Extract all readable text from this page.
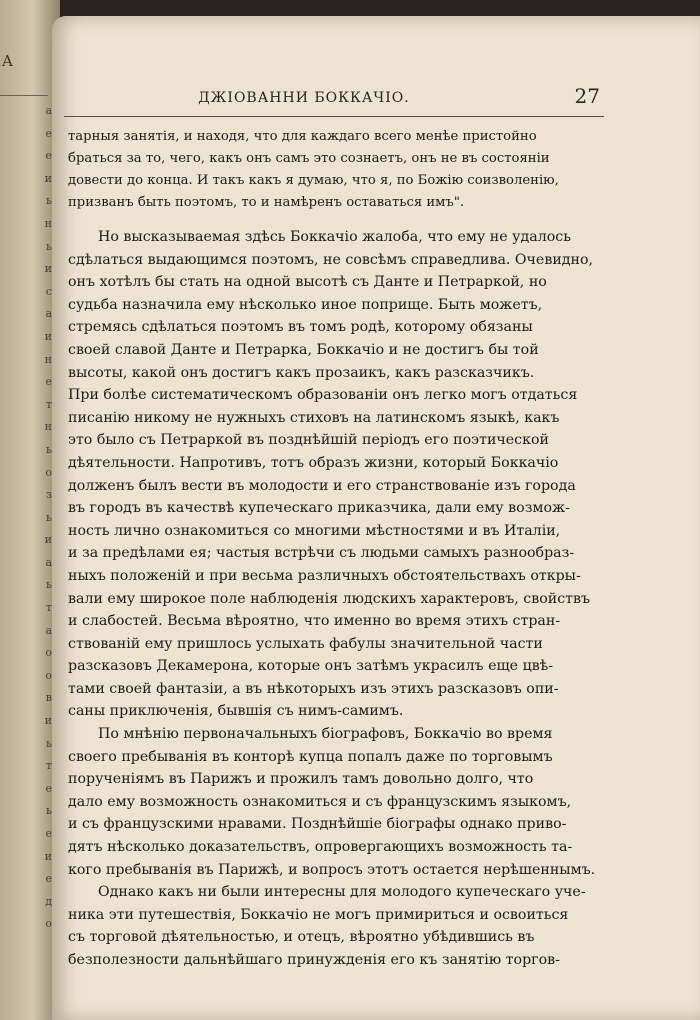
A
a
e
e
и
ь
н
ь
и
с
а
и
н
е
т
н
ь
о
з
ь
и
а
ь
т
а
о
о
в
и
ь
т
е
ь
е
и
е
д
о
ДЖІОВАННИ БОККАЧІО.	27

тарныя занятія, и находя, что для каждаго всего менѣе пристойно

браться за то, чего, какъ онъ самъ это сознаетъ, онъ не въ состояніи

довести до конца. И такъ какъ я думаю, что я, по Божію соизволенію,

призванъ быть поэтомъ, то и намѣренъ оставаться имъ".

Но высказываемая здѣсь Боккачіо жалоба, что ему не удалось

сдѣлаться выдающимся поэтомъ, не совсѣмъ справедлива. Очевидно,

онъ хотѣлъ бы стать на одной высотѣ съ Данте и Петраркой, но

судьба назначила ему нѣсколько иное поприще. Быть можетъ,

стремясь сдѣлаться поэтомъ въ томъ родѣ, которому обязаны

своей славой Данте и Петрарка, Боккачіо и не достигъ бы той

высоты, какой онъ достигъ какъ прозаикъ, какъ разсказчикъ.

При болѣе систематическомъ образованіи онъ легко могъ отдаться

писанію никому не нужныхъ стиховъ на латинскомъ языкѣ, какъ

это было съ Петраркой въ позднѣйшій періодъ его поэтической

дѣятельности. Напротивъ, тотъ образъ жизни, который Боккачіо

долженъ былъ вести въ молодости и его странствованіе изъ города

въ городъ въ качествѣ купеческаго приказчика, дали ему возмож-

ность лично ознакомиться со многими мѣстностями и въ Италіи,

и за предѣлами ея; частыя встрѣчи съ людьми самыхъ разнообраз-

ныхъ положеній и при весьма различныхъ обстоятельствахъ откры-

вали ему широкое поле наблюденія людскихъ характеровъ, свойствъ

и слабостей. Весьма вѣроятно, что именно во время этихъ стран-

ствованій ему пришлось услыхать фабулы значительной части

разсказовъ Декамерона, которые онъ затѣмъ украсилъ еще цвѣ-

тами своей фантазіи, а въ нѣкоторыхъ изъ этихъ разсказовъ опи-

саны приключенія, бывшія съ нимъ-самимъ.

По мнѣнію первоначальныхъ біографовъ, Боккачіо во время

своего пребыванія въ конторѣ купца попалъ даже по торговымъ

порученіямъ въ Парижъ и прожилъ тамъ довольно долго, что

дало ему возможность ознакомиться и съ французскимъ языкомъ,

и съ французскими нравами. Позднѣйшіе біографы однако приво-

дятъ нѣсколько доказательствъ, опровергающихъ возможность та-

кого пребыванія въ Парижѣ, и вопросъ этотъ остается нерѣшеннымъ.

Однако какъ ни были интересны для молодого купеческаго уче-

ника эти путешествія, Боккачіо не могъ примириться и освоиться

съ торговой дѣятельностью, и отецъ, вѣроятно убѣдившись въ

безполезности дальнѣйшаго принужденія его къ занятію торгов-
